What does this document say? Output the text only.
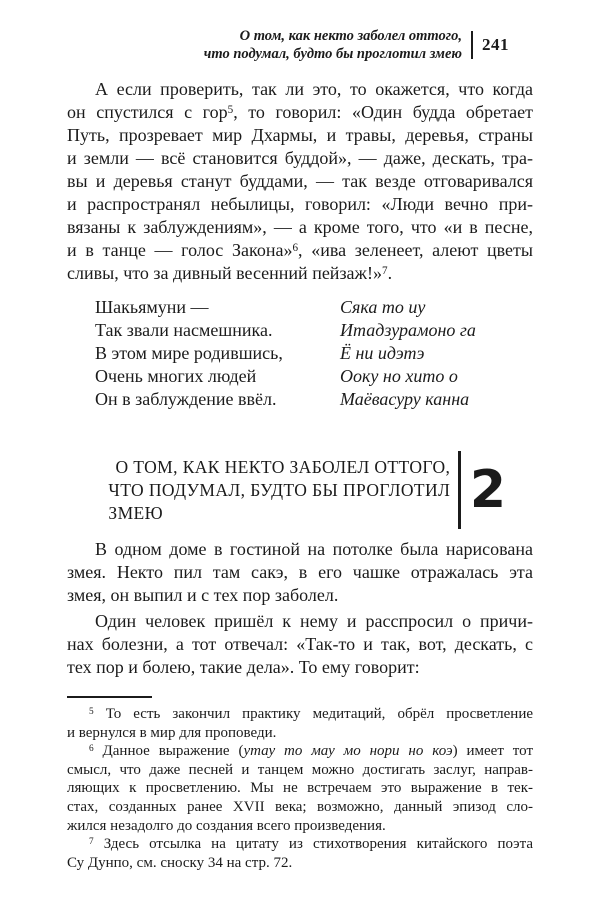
О том, как некто заболел оттого,
что подумал, будто бы проглотил змею 241
А если проверить, так ли это, то окажется, что когда
он спустился с гор$^5$, то говорил: «Один будда обретает
Путь, прозревает мир Дхармы, и травы, деревья, страны
и земли — всё становится буддой», — даже, дескать, тра-
вы и деревья станут буддами, — так везде отговаривался
и распространял небылицы, говорил: «Люди вечно при-
вязаны к заблуждениям», — а кроме того, что «и в песне,
и в танце — голос Закона»$^6$, «ива зеленеет, алеют цветы
сливы, что за дивный весенний пейзаж!»$^7$.
Шакьямуни —
Так звали насмешника.
В этом мире родившись,
Очень многих людей
Он в заблуждение ввёл.
Сяка то иу
Итадзурамоно га
Ё ни идэтэ
Ооку но хито о
Маёвасуру канна
О ТОМ, КАК НЕКТО ЗАБОЛЕЛ ОТТОГО,
ЧТО ПОДУМАЛ, БУДТО БЫ ПРОГЛОТИЛ
ЗМЕЮ	2
В одном доме в гостиной на потолке была нарисована
змея. Некто пил там сакэ, в его чашке отражалась эта
змея, он выпил и с тех пор заболел.
Один человек пришёл к нему и расспросил о причи-
нах болезни, а тот отвечал: «Так-то и так, вот, дескать, с
тех пор и болею, такие дела». То ему говорит:
$^5$ То есть закончил практику медитаций, обрёл просветление
и вернулся в мир для проповеди.
$^6$ Данное выражение (утау то мау мо нори но коэ) имеет тот
смысл, что даже песней и танцем можно достигать заслуг, направ-
ляющих к просветлению. Мы не встречаем это выражение в тек-
стах, созданных ранее XVII века; возможно, данный эпизод сло-
жился незадолго до создания всего произведения.
$^7$ Здесь отсылка на цитату из стихотворения китайского поэта
Су Дунпо, см. сноску 34 на стр. 72.
